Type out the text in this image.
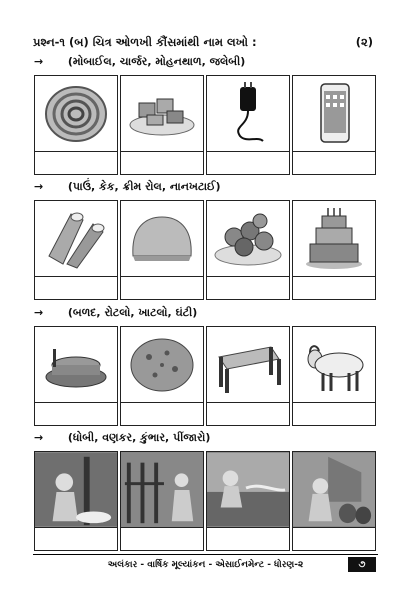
પ્રશ્ન-૧ (બ) ચિત્ર ઓળખી કૌંસમાંથી નામ લખો :	(૨)
→ (મોબાઈલ, ચાર્જર, મોહનથાળ, જલેબી)
→ (પાઉં, કેક, ક્રીમ રોલ, નાનખટાઈ)
→ (બળદ, રોટલો, ખાટલો, ઘંટી)
→ (ધોબી, વણકર, કુંભાર, પીંજારો)
અલંકાર - વાર્ષિક મૂલ્યાંકન - એસાઈનમેન્ટ - ધોરણ-૨	૭
